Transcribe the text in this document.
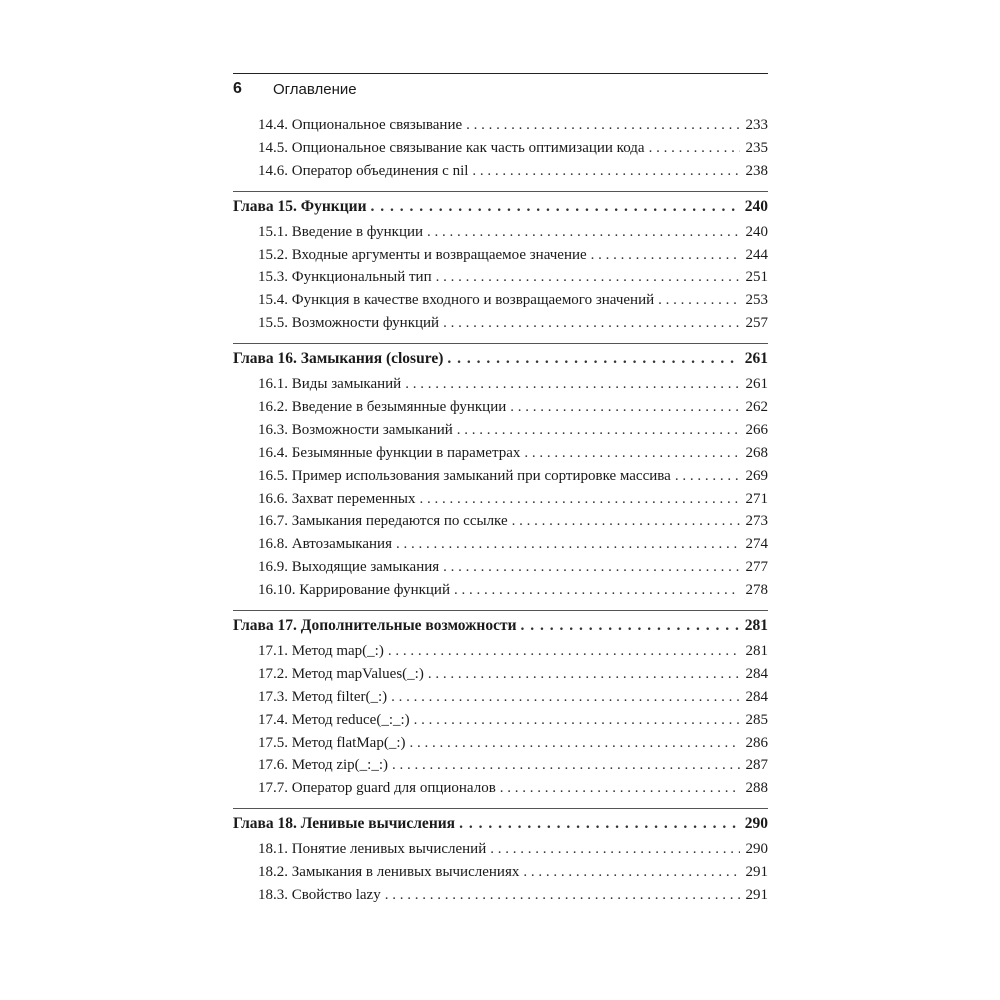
6	Оглавление
14.4. Опциональное связывание . . .	233
14.5. Опциональное связывание как часть оптимизации кода . . .	235
14.6. Оператор объединения с nil . . .	238
Глава 15. Функции . . .	240
15.1. Введение в функции . . .	240
15.2. Входные аргументы и возвращаемое значение . . .	244
15.3. Функциональный тип . . .	251
15.4. Функция в качестве входного и возвращаемого значений . . .	253
15.5. Возможности функций . . .	257
Глава 16. Замыкания (closure) . . .	261
16.1. Виды замыканий . . .	261
16.2. Введение в безымянные функции . . .	262
16.3. Возможности замыканий . . .	266
16.4. Безымянные функции в параметрах . . .	268
16.5. Пример использования замыканий при сортировке массива . . .	269
16.6. Захват переменных . . .	271
16.7. Замыкания передаются по ссылке . . .	273
16.8. Автозамыкания . . .	274
16.9. Выходящие замыкания . . .	277
16.10. Каррирование функций . . .	278
Глава 17. Дополнительные возможности . . .	281
17.1. Метод map(_:) . . .	281
17.2. Метод mapValues(_:) . . .	284
17.3. Метод filter(_:) . . .	284
17.4. Метод reduce(_:_:) . . .	285
17.5. Метод flatMap(_:) . . .	286
17.6. Метод zip(_:_:) . . .	287
17.7. Оператор guard для опционалов . . .	288
Глава 18. Ленивые вычисления . . .	290
18.1. Понятие ленивых вычислений . . .	290
18.2. Замыкания в ленивых вычислениях . . .	291
18.3. Свойство lazy . . .	291
